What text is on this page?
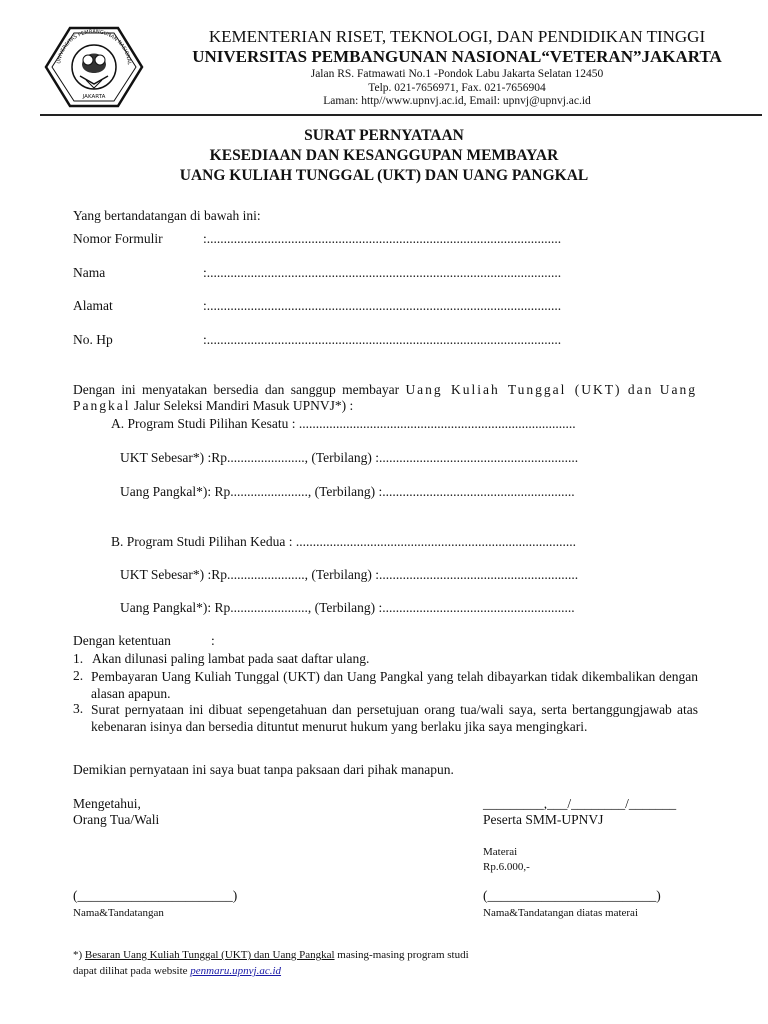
UNIVERSITAS PEMBANGUNAN NASIONAL
JAKARTA
KEMENTERIAN RISET, TEKNOLOGI, DAN PENDIDIKAN TINGGI
UNIVERSITAS PEMBANGUNAN NASIONAL“VETERAN”JAKARTA
Jalan RS. Fatmawati No.1 -Pondok Labu Jakarta Selatan 12450
Telp. 021-7656971, Fax. 021-7656904
Laman: http//www.upnvj.ac.id, Email: upnvj@upnvj.ac.id
SURAT PERNYATAAN
KESEDIAAN DAN KESANGGUPAN MEMBAYAR
UANG KULIAH TUNGGAL (UKT) DAN UANG PANGKAL
Yang bertandatangan di bawah ini:
Nomor Formulir	:.........................................................................................................
Nama	:.........................................................................................................
Alamat	:.........................................................................................................
No. Hp	:.........................................................................................................
Dengan ini menyatakan bersedia dan sanggup membayar Uang Kuliah Tunggal (UKT) dan Uang Pangkal Jalur Seleksi Mandiri Masuk UPNVJ*) :
A. Program Studi Pilihan Kesatu : ..................................................................................
UKT Sebesar*) :Rp......................., (Terbilang) :...........................................................
Uang Pangkal*): Rp......................., (Terbilang) :.........................................................
B. Program Studi Pilihan Kedua : ...................................................................................
UKT Sebesar*) :Rp......................., (Terbilang) :...........................................................
Uang Pangkal*): Rp......................., (Terbilang) :.........................................................
Dengan ketentuan	:
1. Akan dilunasi paling lambat pada saat daftar ulang.
2. Pembayaran Uang Kuliah Tunggal (UKT) dan Uang Pangkal yang telah dibayarkan tidak dikembalikan dengan alasan apapun.
3. Surat pernyataan ini dibuat sepengetahuan dan persetujuan orang tua/wali saya, serta bertanggungjawab atas kebenaran isinya dan bersedia dituntut menurut hukum yang berlaku jika saya mengingkari.
Demikian pernyataan ini saya buat tanpa paksaan dari pihak manapun.
Mengetahui,
Orang Tua/Wali
(_______________________)
Nama&Tandatangan
_________,___/________/_______
Peserta SMM-UPNVJ
Materai
Rp.6.000,-
(_________________________)
Nama&Tandatangan diatas materai
*) Besaran Uang Kuliah Tunggal (UKT) dan Uang Pangkal masing-masing program studi
dapat dilihat pada website penmaru.upnvj.ac.id
